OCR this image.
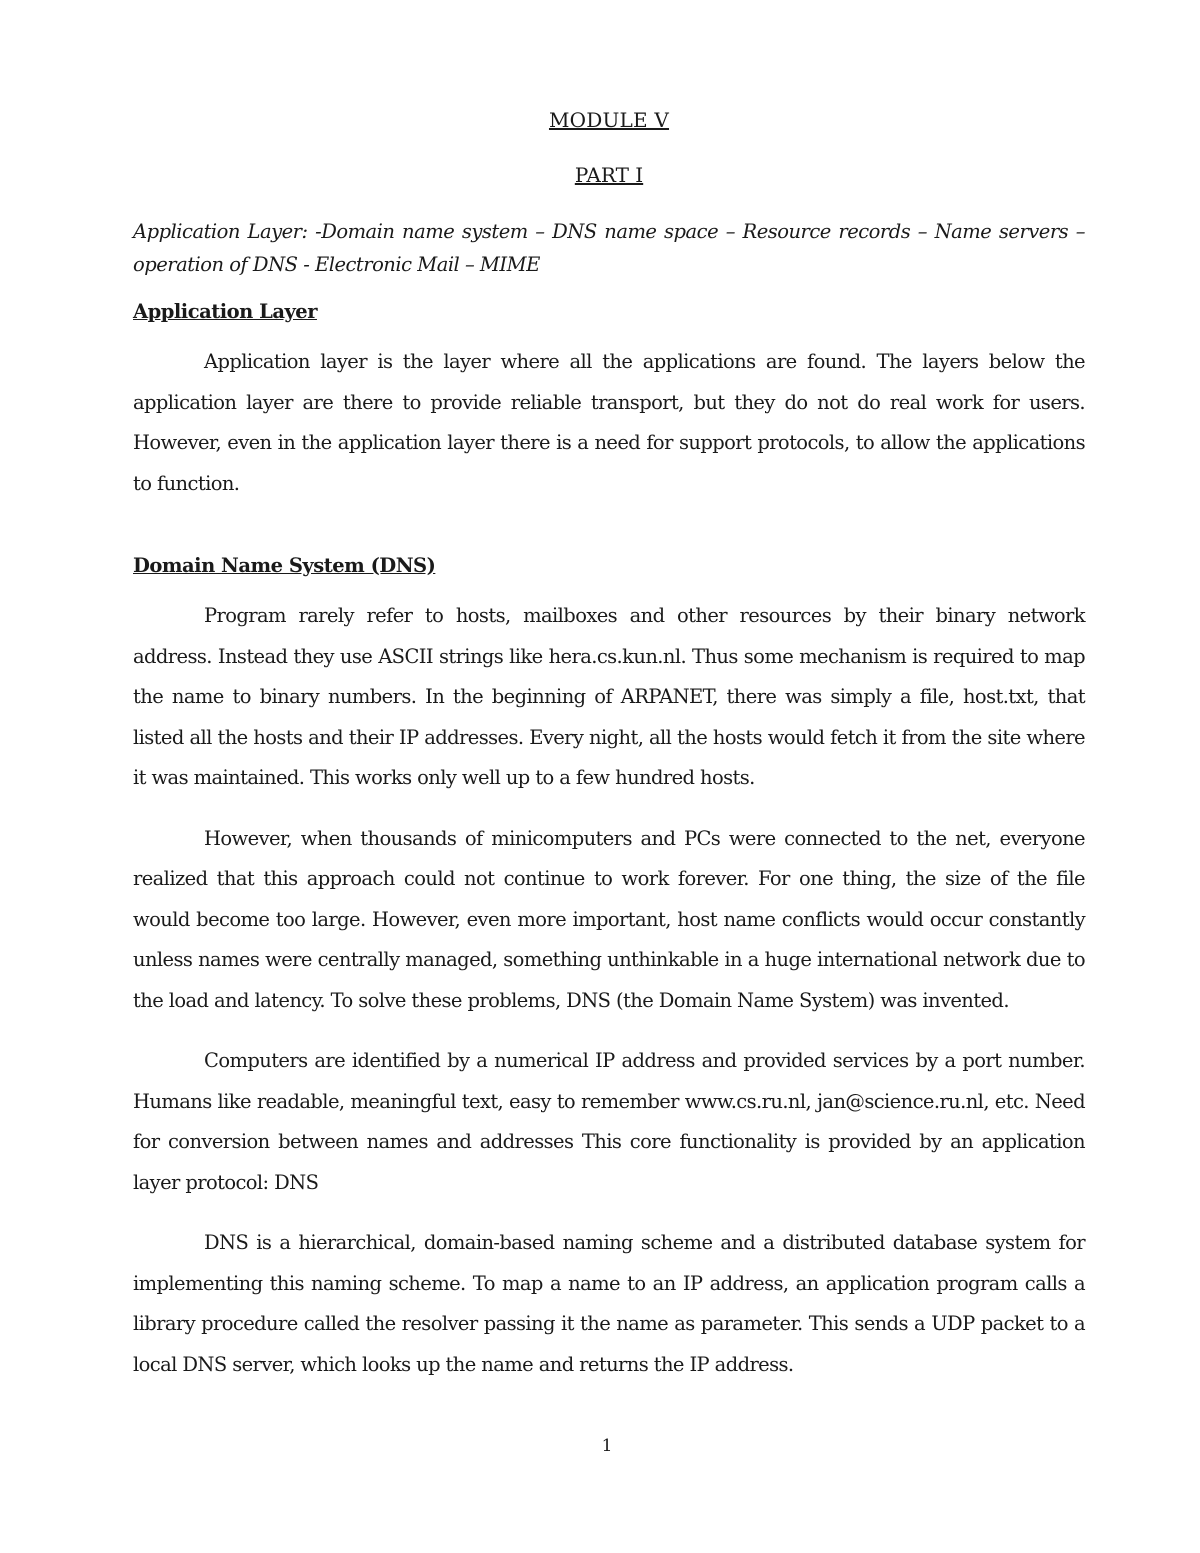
MODULE V
PART I
Application Layer: -Domain name system – DNS name space – Resource records – Name servers – operation of DNS - Electronic Mail – MIME
Application Layer

Application layer is the layer where all the applications are found. The layers below the application layer are there to provide reliable transport, but they do not do real work for users. However, even in the application layer there is a need for support protocols, to allow the applications to function.

Domain Name System (DNS)

Program rarely refer to hosts, mailboxes and other resources by their binary network address. Instead they use ASCII strings like hera.cs.kun.nl. Thus some mechanism is required to map the name to binary numbers. In the beginning of ARPANET, there was simply a file, host.txt, that listed all the hosts and their IP addresses. Every night, all the hosts would fetch it from the site where it was maintained. This works only well up to a few hundred hosts.

However, when thousands of minicomputers and PCs were connected to the net, everyone realized that this approach could not continue to work forever. For one thing, the size of the file would become too large. However, even more important, host name conflicts would occur constantly unless names were centrally managed, something unthinkable in a huge international network due to the load and latency. To solve these problems, DNS (the Domain Name System) was invented.

Computers are identified by a numerical IP address and provided services by a port number. Humans like readable, meaningful text, easy to remember www.cs.ru.nl, jan@science.ru.nl, etc. Need for conversion between names and addresses This core functionality is provided by an application layer protocol: DNS

DNS is a hierarchical, domain-based naming scheme and a distributed database system for implementing this naming scheme. To map a name to an IP address, an application program calls a library procedure called the resolver passing it the name as parameter. This sends a UDP packet to a local DNS server, which looks up the name and returns the IP address.

1
